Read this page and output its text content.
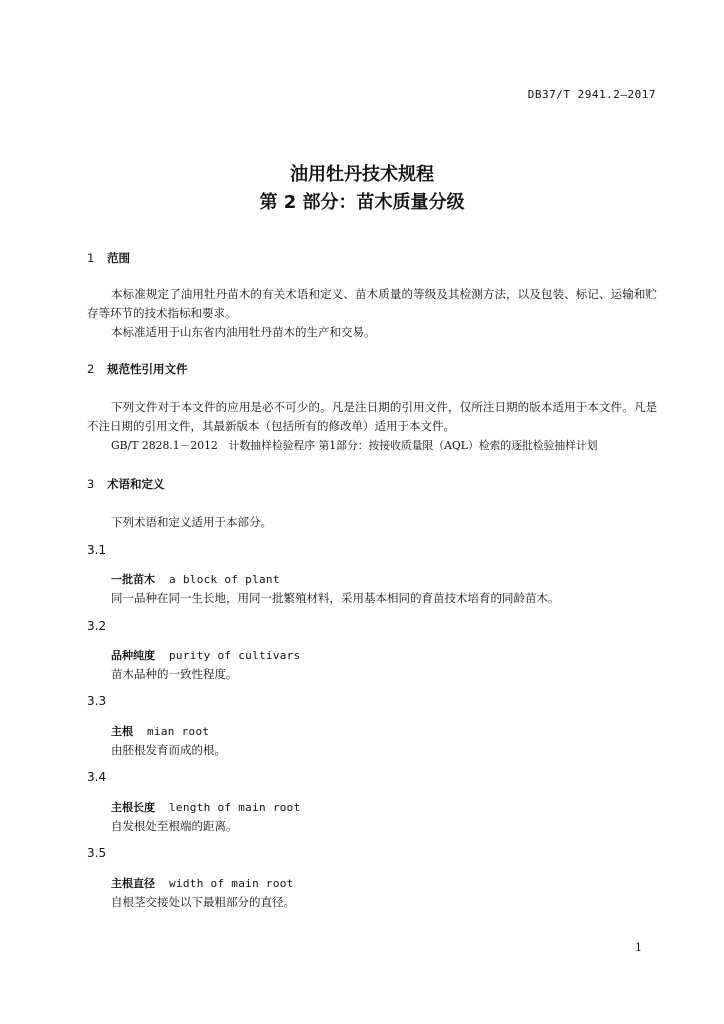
DB37/T 2941.2—2017
油用牡丹技术规程
第 2 部分：苗木质量分级
1 范围
本标准规定了油用牡丹苗木的有关术语和定义、苗木质量的等级及其检测方法，以及包装、标记、运输和贮存等环节的技术指标和要求。
本标准适用于山东省内油用牡丹苗木的生产和交易。
2 规范性引用文件
下列文件对于本文件的应用是必不可少的。凡是注日期的引用文件，仅所注日期的版本适用于本文件。凡是不注日期的引用文件，其最新版本（包括所有的修改单）适用于本文件。
GB/T 2828.1－2012　计数抽样检验程序 第1部分：按接收质量限（AQL）检索的逐批检验抽样计划
3 术语和定义
下列术语和定义适用于本部分。
3.1
一批苗木 a block of plant
同一品种在同一生长地，用同一批繁殖材料，采用基本相同的育苗技术培育的同龄苗木。
3.2
品种纯度 purity of cultivars
苗木品种的一致性程度。
3.3
主根 mian root
由胚根发育而成的根。
3.4
主根长度 length of main root
自发根处至根端的距离。
3.5
主根直径 width of main root
自根茎交接处以下最粗部分的直径。
1
